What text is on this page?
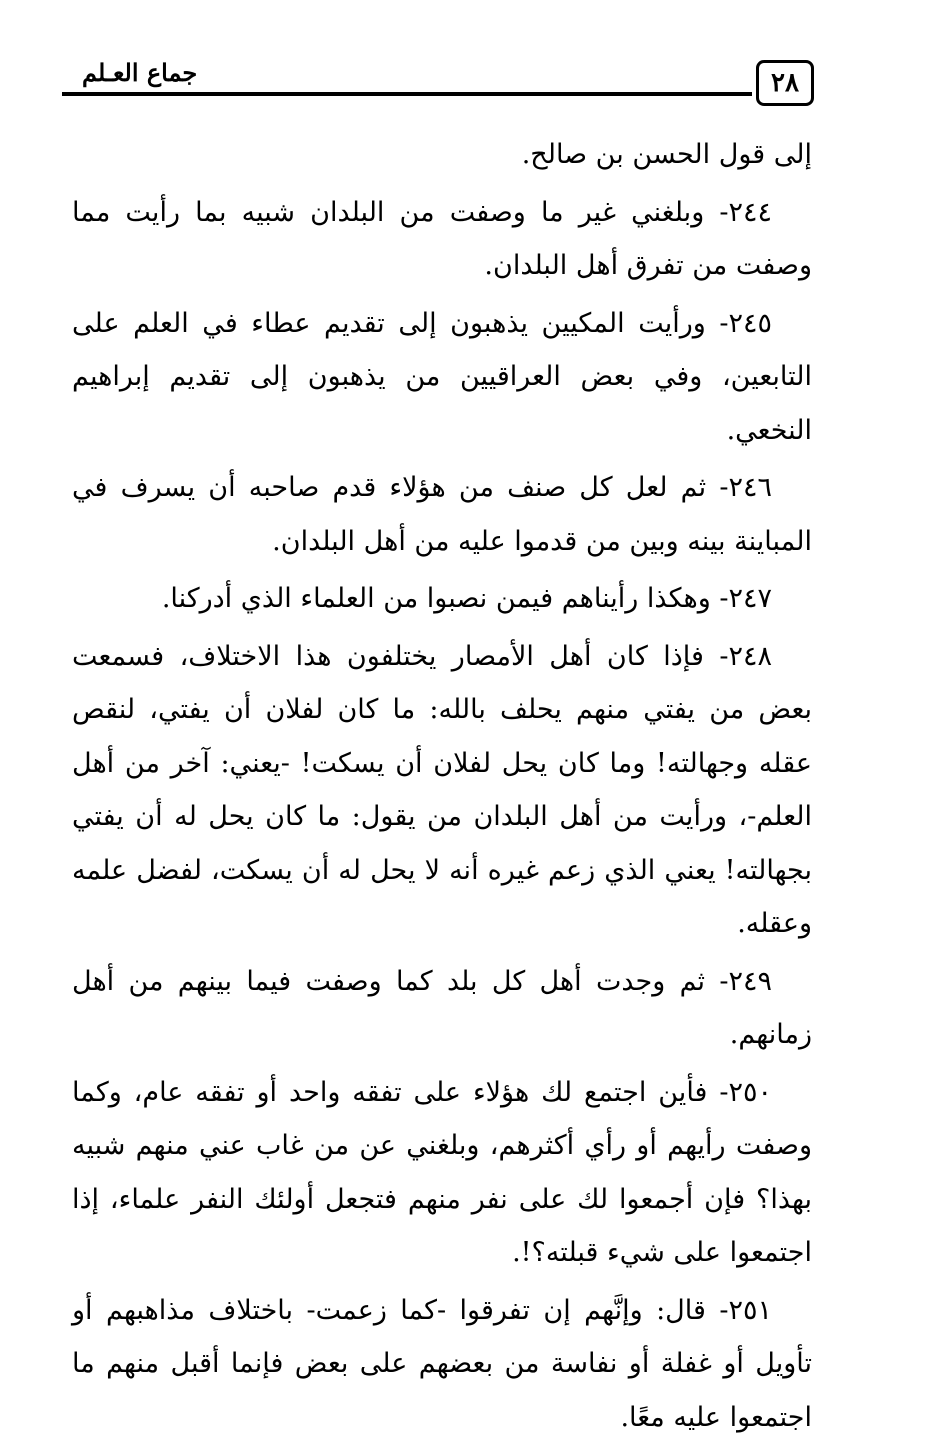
٢٨
جماع العـلم

إلى قول الحسن بن صالح.

٢٤٤- وبلغني غير ما وصفت من البلدان شبيه بما رأيت مما وصفت من تفرق أهل البلدان.

٢٤٥- ورأيت المكيين يذهبون إلى تقديم عطاء في العلم على التابعين، وفي بعض العراقيين من يذهبون إلى تقديم إبراهيم النخعي.

٢٤٦- ثم لعل كل صنف من هؤلاء قدم صاحبه أن يسرف في المباينة بينه وبين من قدموا عليه من أهل البلدان.

٢٤٧- وهكذا رأيناهم فيمن نصبوا من العلماء الذي أدركنا.

٢٤٨- فإذا كان أهل الأمصار يختلفون هذا الاختلاف، فسمعت بعض من يفتي منهم يحلف بالله: ما كان لفلان أن يفتي، لنقص عقله وجهالته! وما كان يحل لفلان أن يسكت! -يعني: آخر من أهل العلم-، ورأيت من أهل البلدان من يقول: ما كان يحل له أن يفتي بجهالته! يعني الذي زعم غيره أنه لا يحل له أن يسكت، لفضل علمه وعقله.

٢٤٩- ثم وجدت أهل كل بلد كما وصفت فيما بينهم من أهل زمانهم.

٢٥٠- فأين اجتمع لك هؤلاء على تفقه واحد أو تفقه عام، وكما وصفت رأيهم أو رأي أكثرهم، وبلغني عن من غاب عني منهم شبيه بهذا؟ فإن أجمعوا لك على نفر منهم فتجعل أولئك النفر علماء، إذا اجتمعوا على شيء قبلته؟!.

٢٥١- قال: وإنَّهم إن تفرقوا -كما زعمت- باختلاف مذاهبهم أو تأويل أو غفلة أو نفاسة من بعضهم على بعض فإنما أقبل منهم ما اجتمعوا عليه معًا.
